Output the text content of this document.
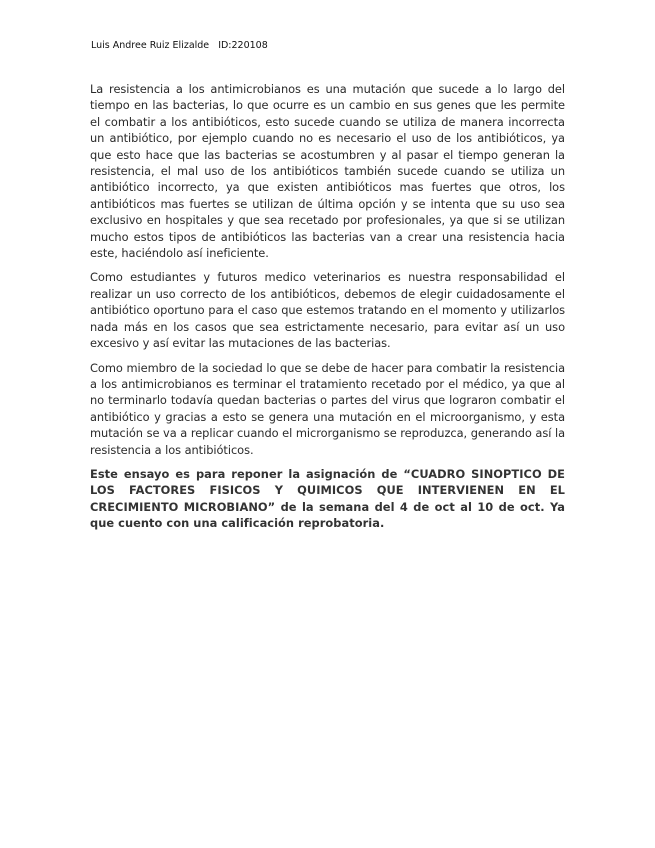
Luis Andree Ruiz Elizalde ID:220108

La resistencia a los antimicrobianos es una mutación que sucede a lo largo del tiempo en las bacterias, lo que ocurre es un cambio en sus genes que les permite el combatir a los antibióticos, esto sucede cuando se utiliza de manera incorrecta un antibiótico, por ejemplo cuando no es necesario el uso de los antibióticos, ya que esto hace que las bacterias se acostumbren y al pasar el tiempo generan la resistencia, el mal uso de los antibióticos también sucede cuando se utiliza un antibiótico incorrecto, ya que existen antibióticos mas fuertes que otros, los antibióticos mas fuertes se utilizan de última opción y se intenta que su uso sea exclusivo en hospitales y que sea recetado por profesionales, ya que si se utilizan mucho estos tipos de antibióticos las bacterias van a crear una resistencia hacia este, haciéndolo así ineficiente.

Como estudiantes y futuros medico veterinarios es nuestra responsabilidad el realizar un uso correcto de los antibióticos, debemos de elegir cuidadosamente el antibiótico oportuno para el caso que estemos tratando en el momento y utilizarlos nada más en los casos que sea estrictamente necesario, para evitar así un uso excesivo y así evitar las mutaciones de las bacterias.

Como miembro de la sociedad lo que se debe de hacer para combatir la resistencia a los antimicrobianos es terminar el tratamiento recetado por el médico, ya que al no terminarlo todavía quedan bacterias o partes del virus que lograron combatir el antibiótico y gracias a esto se genera una mutación en el microorganismo, y esta mutación se va a replicar cuando el microrganismo se reproduzca, generando así la resistencia a los antibióticos.

Este ensayo es para reponer la asignación de “CUADRO SINOPTICO DE LOS FACTORES FISICOS Y QUIMICOS QUE INTERVIENEN EN EL CRECIMIENTO MICROBIANO” de la semana del 4 de oct al 10 de oct. Ya que cuento con una calificación reprobatoria.
